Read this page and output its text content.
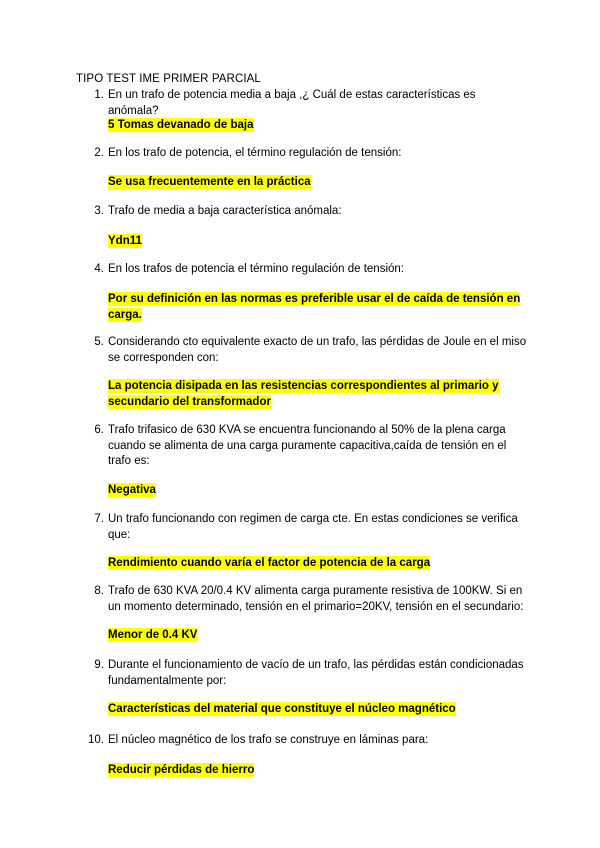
TIPO TEST IME PRIMER PARCIAL
1. En un trafo de potencia media a baja ,¿ Cuál de estas características es anómala?
5 Tomas devanado de baja
2. En los trafo de potencia, el término regulación de tensión:
Se usa frecuentemente en la práctica
3. Trafo de media a baja característica anómala:
Ydn11
4. En los trafos de potencia el término regulación de tensión:
Por su definición en las normas es preferible usar el de caída de tensión en carga.
5. Considerando cto equivalente exacto de un trafo, las pérdidas de Joule en el miso se corresponden con:
La potencia disipada en las resistencias correspondientes al primario y secundario del transformador
6. Trafo trifasico de 630 KVA se encuentra funcionando al 50% de la plena carga cuando se alimenta de una carga puramente capacitiva,caída de tensión en el trafo es:
Negativa
7. Un trafo funcionando con regimen de carga cte. En estas condiciones se verifica que:
Rendimiento cuando varía el factor de potencia de la carga
8. Trafo de 630 KVA 20/0.4 KV alimenta carga puramente resistiva de 100KW. Si en un momento determinado, tensión en el primario=20KV, tensión en el secundario:
Menor de 0.4 KV
9. Durante el funcionamiento de vacío de un trafo, las pérdidas están condicionadas fundamentalmente por:
Características del material que constituye el núcleo magnético
10. El núcleo magnético de los trafo se construye en láminas para:
Reducir pérdidas de hierro
